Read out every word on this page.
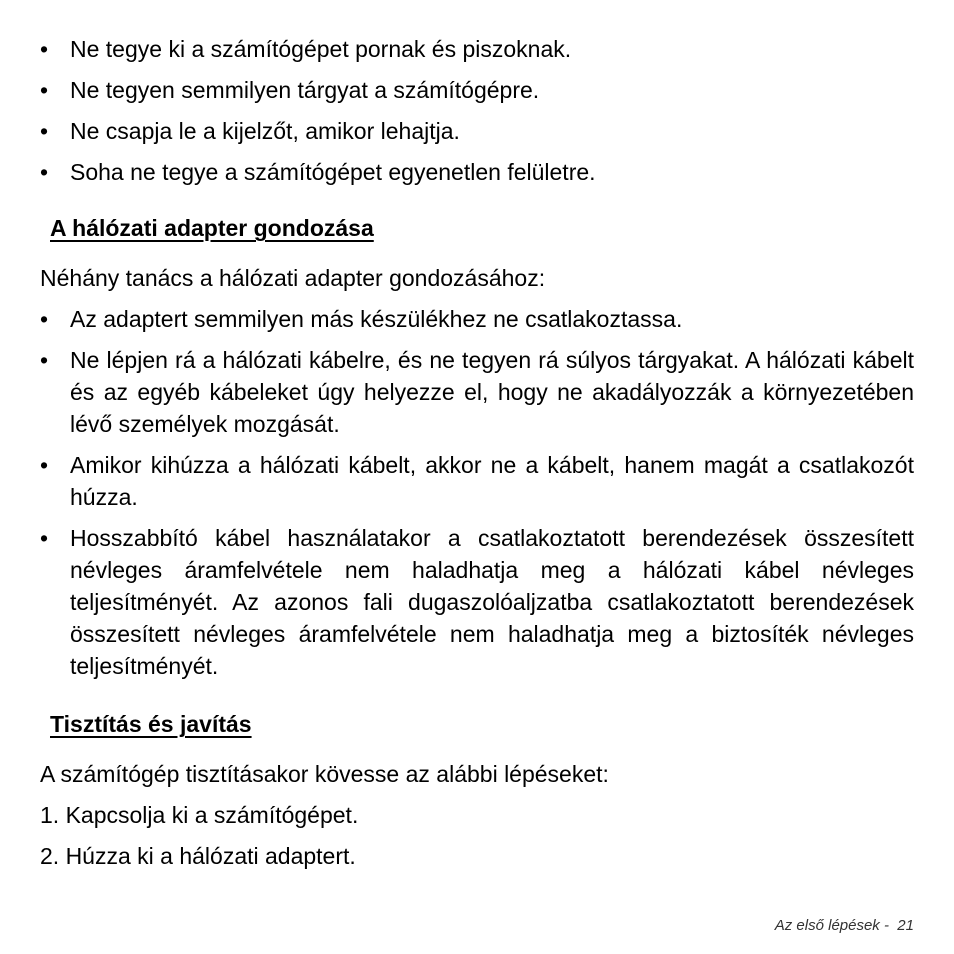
• Ne tegye ki a számítógépet pornak és piszoknak.
• Ne tegyen semmilyen tárgyat a számítógépre.
• Ne csapja le a kijelzőt, amikor lehajtja.
• Soha ne tegye a számítógépet egyenetlen felületre.
A hálózati adapter gondozása

Néhány tanács a hálózati adapter gondozásához:

• Az adaptert semmilyen más készülékhez ne csatlakoztassa.
• Ne lépjen rá a hálózati kábelre, és ne tegyen rá súlyos tárgyakat. A hálózati kábelt és az egyéb kábeleket úgy helyezze el, hogy ne akadályozzák a környezetében lévő személyek mozgását.
• Amikor kihúzza a hálózati kábelt, akkor ne a kábelt, hanem magát a csatlakozót húzza.
• Hosszabbító kábel használatakor a csatlakoztatott berendezések összesített névleges áramfelvétele nem haladhatja meg a hálózati kábel névleges teljesítményét. Az azonos fali dugaszolóaljzatba csatlakoztatott berendezések összesített névleges áramfelvétele nem haladhatja meg a biztosíték névleges teljesítményét.
Tisztítás és javítás

A számítógép tisztításakor kövesse az alábbi lépéseket:

1. Kapcsolja ki a számítógépet.
2. Húzza ki a hálózati adaptert.
Az első lépések -  21
